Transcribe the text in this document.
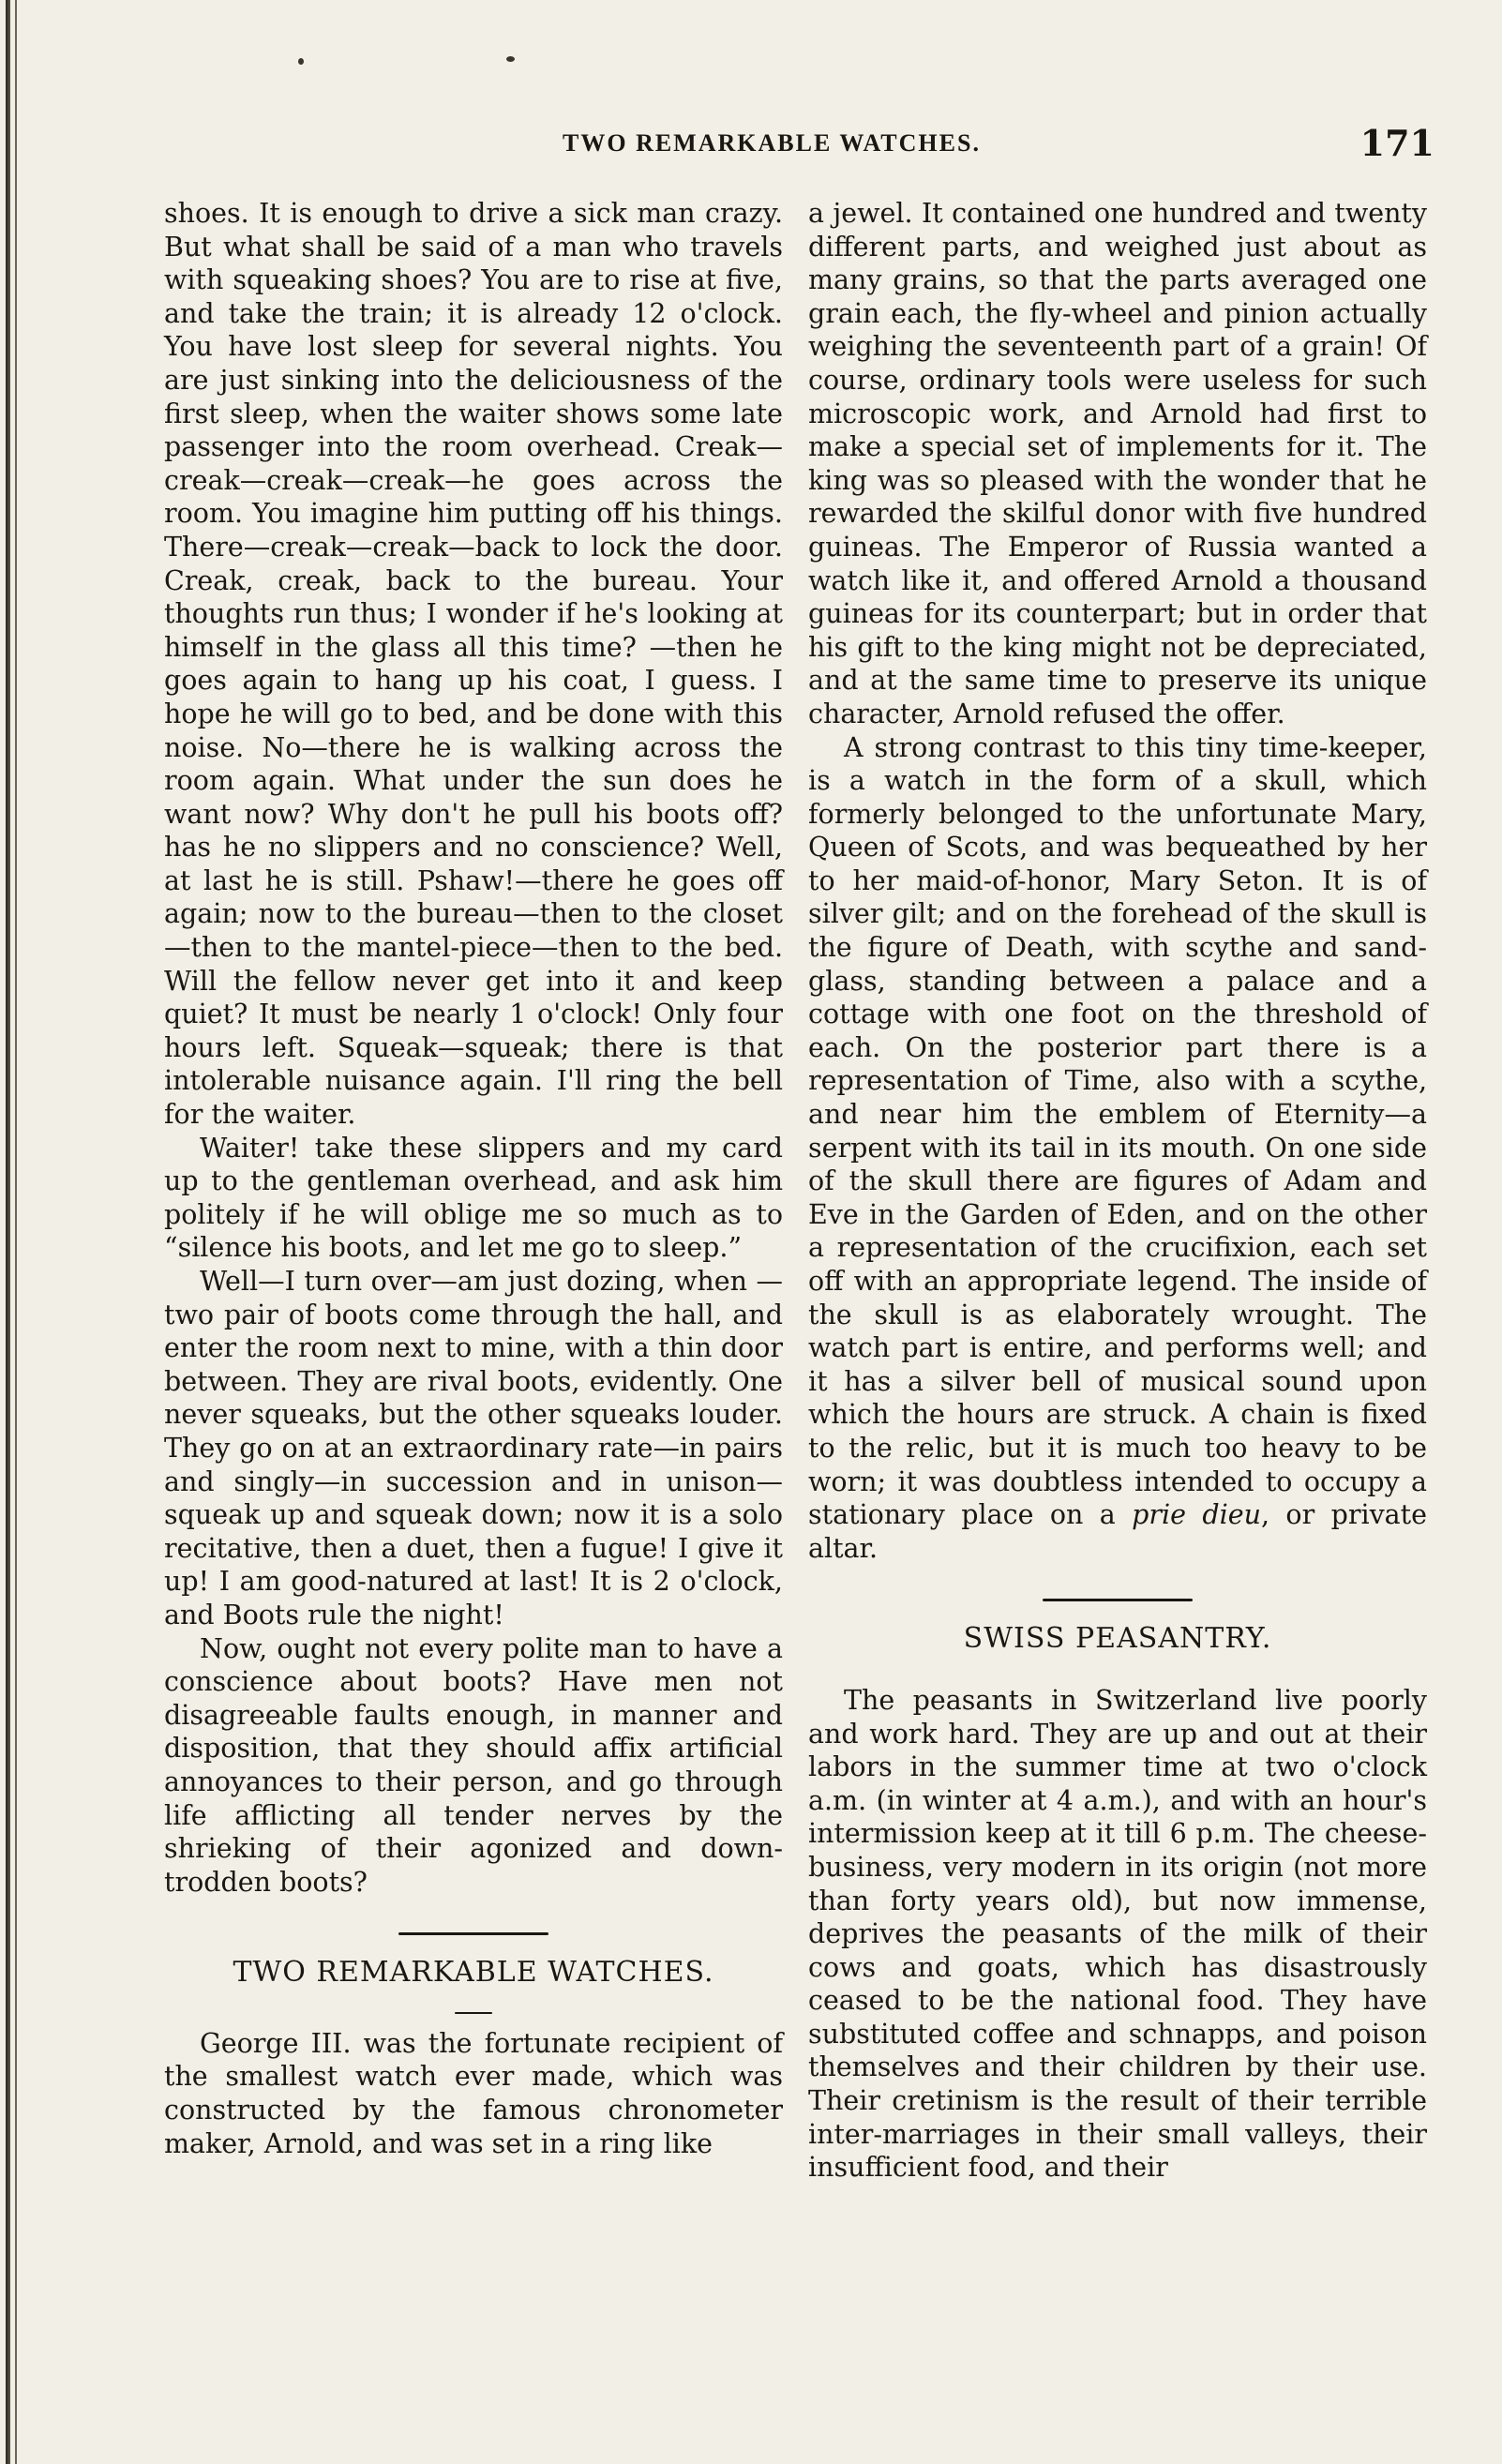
TWO REMARKABLE WATCHES.	171

shoes. It is enough to drive a sick man crazy. But what shall be said of a man who travels with squeaking shoes? You are to rise at five, and take the train; it is already 12 o'clock. You have lost sleep for several nights. You are just sinking into the deliciousness of the first sleep, when the waiter shows some late passenger into the room overhead. Creak—creak—creak—creak—he goes across the room. You imagine him putting off his things. There—creak—creak—back to lock the door. Creak, creak, back to the bureau. Your thoughts run thus; I wonder if he's looking at himself in the glass all this time? —then he goes again to hang up his coat, I guess. I hope he will go to bed, and be done with this noise. No—there he is walking across the room again. What under the sun does he want now? Why don't he pull his boots off? has he no slippers and no conscience? Well, at last he is still. Pshaw!—there he goes off again; now to the bureau—then to the closet—then to the mantel-piece—then to the bed. Will the fellow never get into it and keep quiet? It must be nearly 1 o'clock! Only four hours left. Squeak—squeak; there is that intolerable nuisance again. I'll ring the bell for the waiter.

Waiter! take these slippers and my card up to the gentleman overhead, and ask him politely if he will oblige me so much as to “silence his boots, and let me go to sleep.”

Well—I turn over—am just dozing, when —two pair of boots come through the hall, and enter the room next to mine, with a thin door between. They are rival boots, evidently. One never squeaks, but the other squeaks louder. They go on at an extraordinary rate—in pairs and singly—in succession and in unison—squeak up and squeak down; now it is a solo recitative, then a duet, then a fugue! I give it up! I am good-natured at last! It is 2 o'clock, and Boots rule the night!

Now, ought not every polite man to have a conscience about boots? Have men not disagreeable faults enough, in manner and disposition, that they should affix artificial annoyances to their person, and go through life afflicting all tender nerves by the shrieking of their agonized and down-trodden boots?

TWO REMARKABLE WATCHES.

George III. was the fortunate recipient of the smallest watch ever made, which was constructed by the famous chronometer maker, Arnold, and was set in a ring like

a jewel. It contained one hundred and twenty different parts, and weighed just about as many grains, so that the parts averaged one grain each, the fly-wheel and pinion actually weighing the seventeenth part of a grain! Of course, ordinary tools were useless for such microscopic work, and Arnold had first to make a special set of implements for it. The king was so pleased with the wonder that he rewarded the skilful donor with five hundred guineas. The Emperor of Russia wanted a watch like it, and offered Arnold a thousand guineas for its counterpart; but in order that his gift to the king might not be depreciated, and at the same time to preserve its unique character, Arnold refused the offer.

A strong contrast to this tiny time-keeper, is a watch in the form of a skull, which formerly belonged to the unfortunate Mary, Queen of Scots, and was bequeathed by her to her maid-of-honor, Mary Seton. It is of silver gilt; and on the forehead of the skull is the figure of Death, with scythe and sand-glass, standing between a palace and a cottage with one foot on the threshold of each. On the posterior part there is a representation of Time, also with a scythe, and near him the emblem of Eternity—a serpent with its tail in its mouth. On one side of the skull there are figures of Adam and Eve in the Garden of Eden, and on the other a representation of the crucifixion, each set off with an appropriate legend. The inside of the skull is as elaborately wrought. The watch part is entire, and performs well; and it has a silver bell of musical sound upon which the hours are struck. A chain is fixed to the relic, but it is much too heavy to be worn; it was doubtless intended to occupy a stationary place on a prie dieu, or private altar.

SWISS PEASANTRY.

The peasants in Switzerland live poorly and work hard. They are up and out at their labors in the summer time at two o'clock a.m. (in winter at 4 a.m.), and with an hour's intermission keep at it till 6 p.m. The cheese-business, very modern in its origin (not more than forty years old), but now immense, deprives the peasants of the milk of their cows and goats, which has disastrously ceased to be the national food. They have substituted coffee and schnapps, and poison themselves and their children by their use. Their cretinism is the result of their terrible inter-marriages in their small valleys, their insufficient food, and their
